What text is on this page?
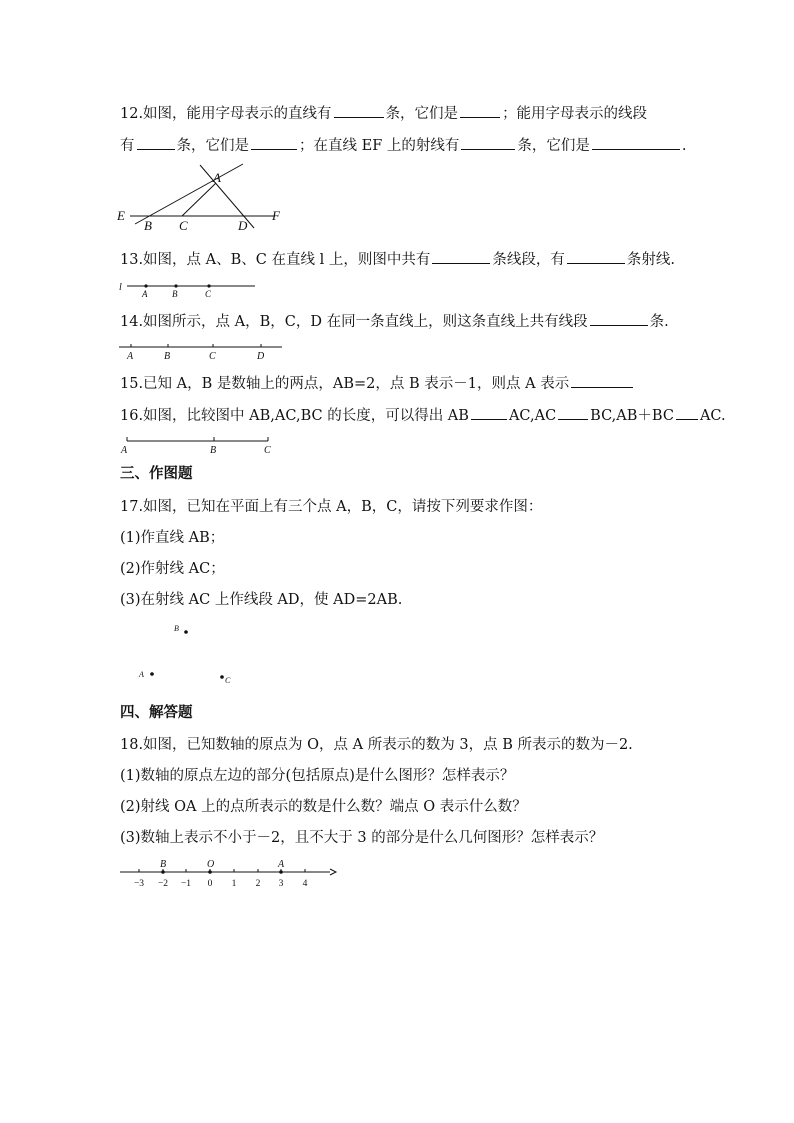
12.如图，能用字母表示的直线有	条，它们是	；能用字母表示的线段
有	条，它们是	；在直线 EF 上的射线有	条，它们是	.
E
B C
A
D
F
13.如图，点 A、B、C 在直线 l 上，则图中共有	条线段，有	条射线.
l
A	B	C
14.如图所示，点 A，B，C，D 在同一条直线上，则这条直线上共有线段	条.
A	B	C	D
15.已知 A，B 是数轴上的两点，AB=2，点 B 表示－1，则点 A 表示
16.如图，比较图中 AB,AC,BC 的长度，可以得出 AB	AC,AC BC,AB＋BC AC.
A	B	C
三、作图题
17.如图，已知在平面上有三个点 A，B，C，请按下列要求作图：
(1)作直线 AB；
(2)作射线 AC；
(3)在射线 AC 上作线段 AD，使 AD=2AB.
B
A
C
四、解答题
18.如图，已知数轴的原点为 O，点 A 所表示的数为 3，点 B 所表示的数为－2.
(1)数轴的原点左边的部分(包括原点)是什么图形？怎样表示？
(2)射线 OA 上的点所表示的数是什么数？端点 O 表示什么数？
(3)数轴上表示不小于－2，且不大于 3 的部分是什么几何图形？怎样表示？
B	O	A
−3 −2 −1 0 1 2 3 4
